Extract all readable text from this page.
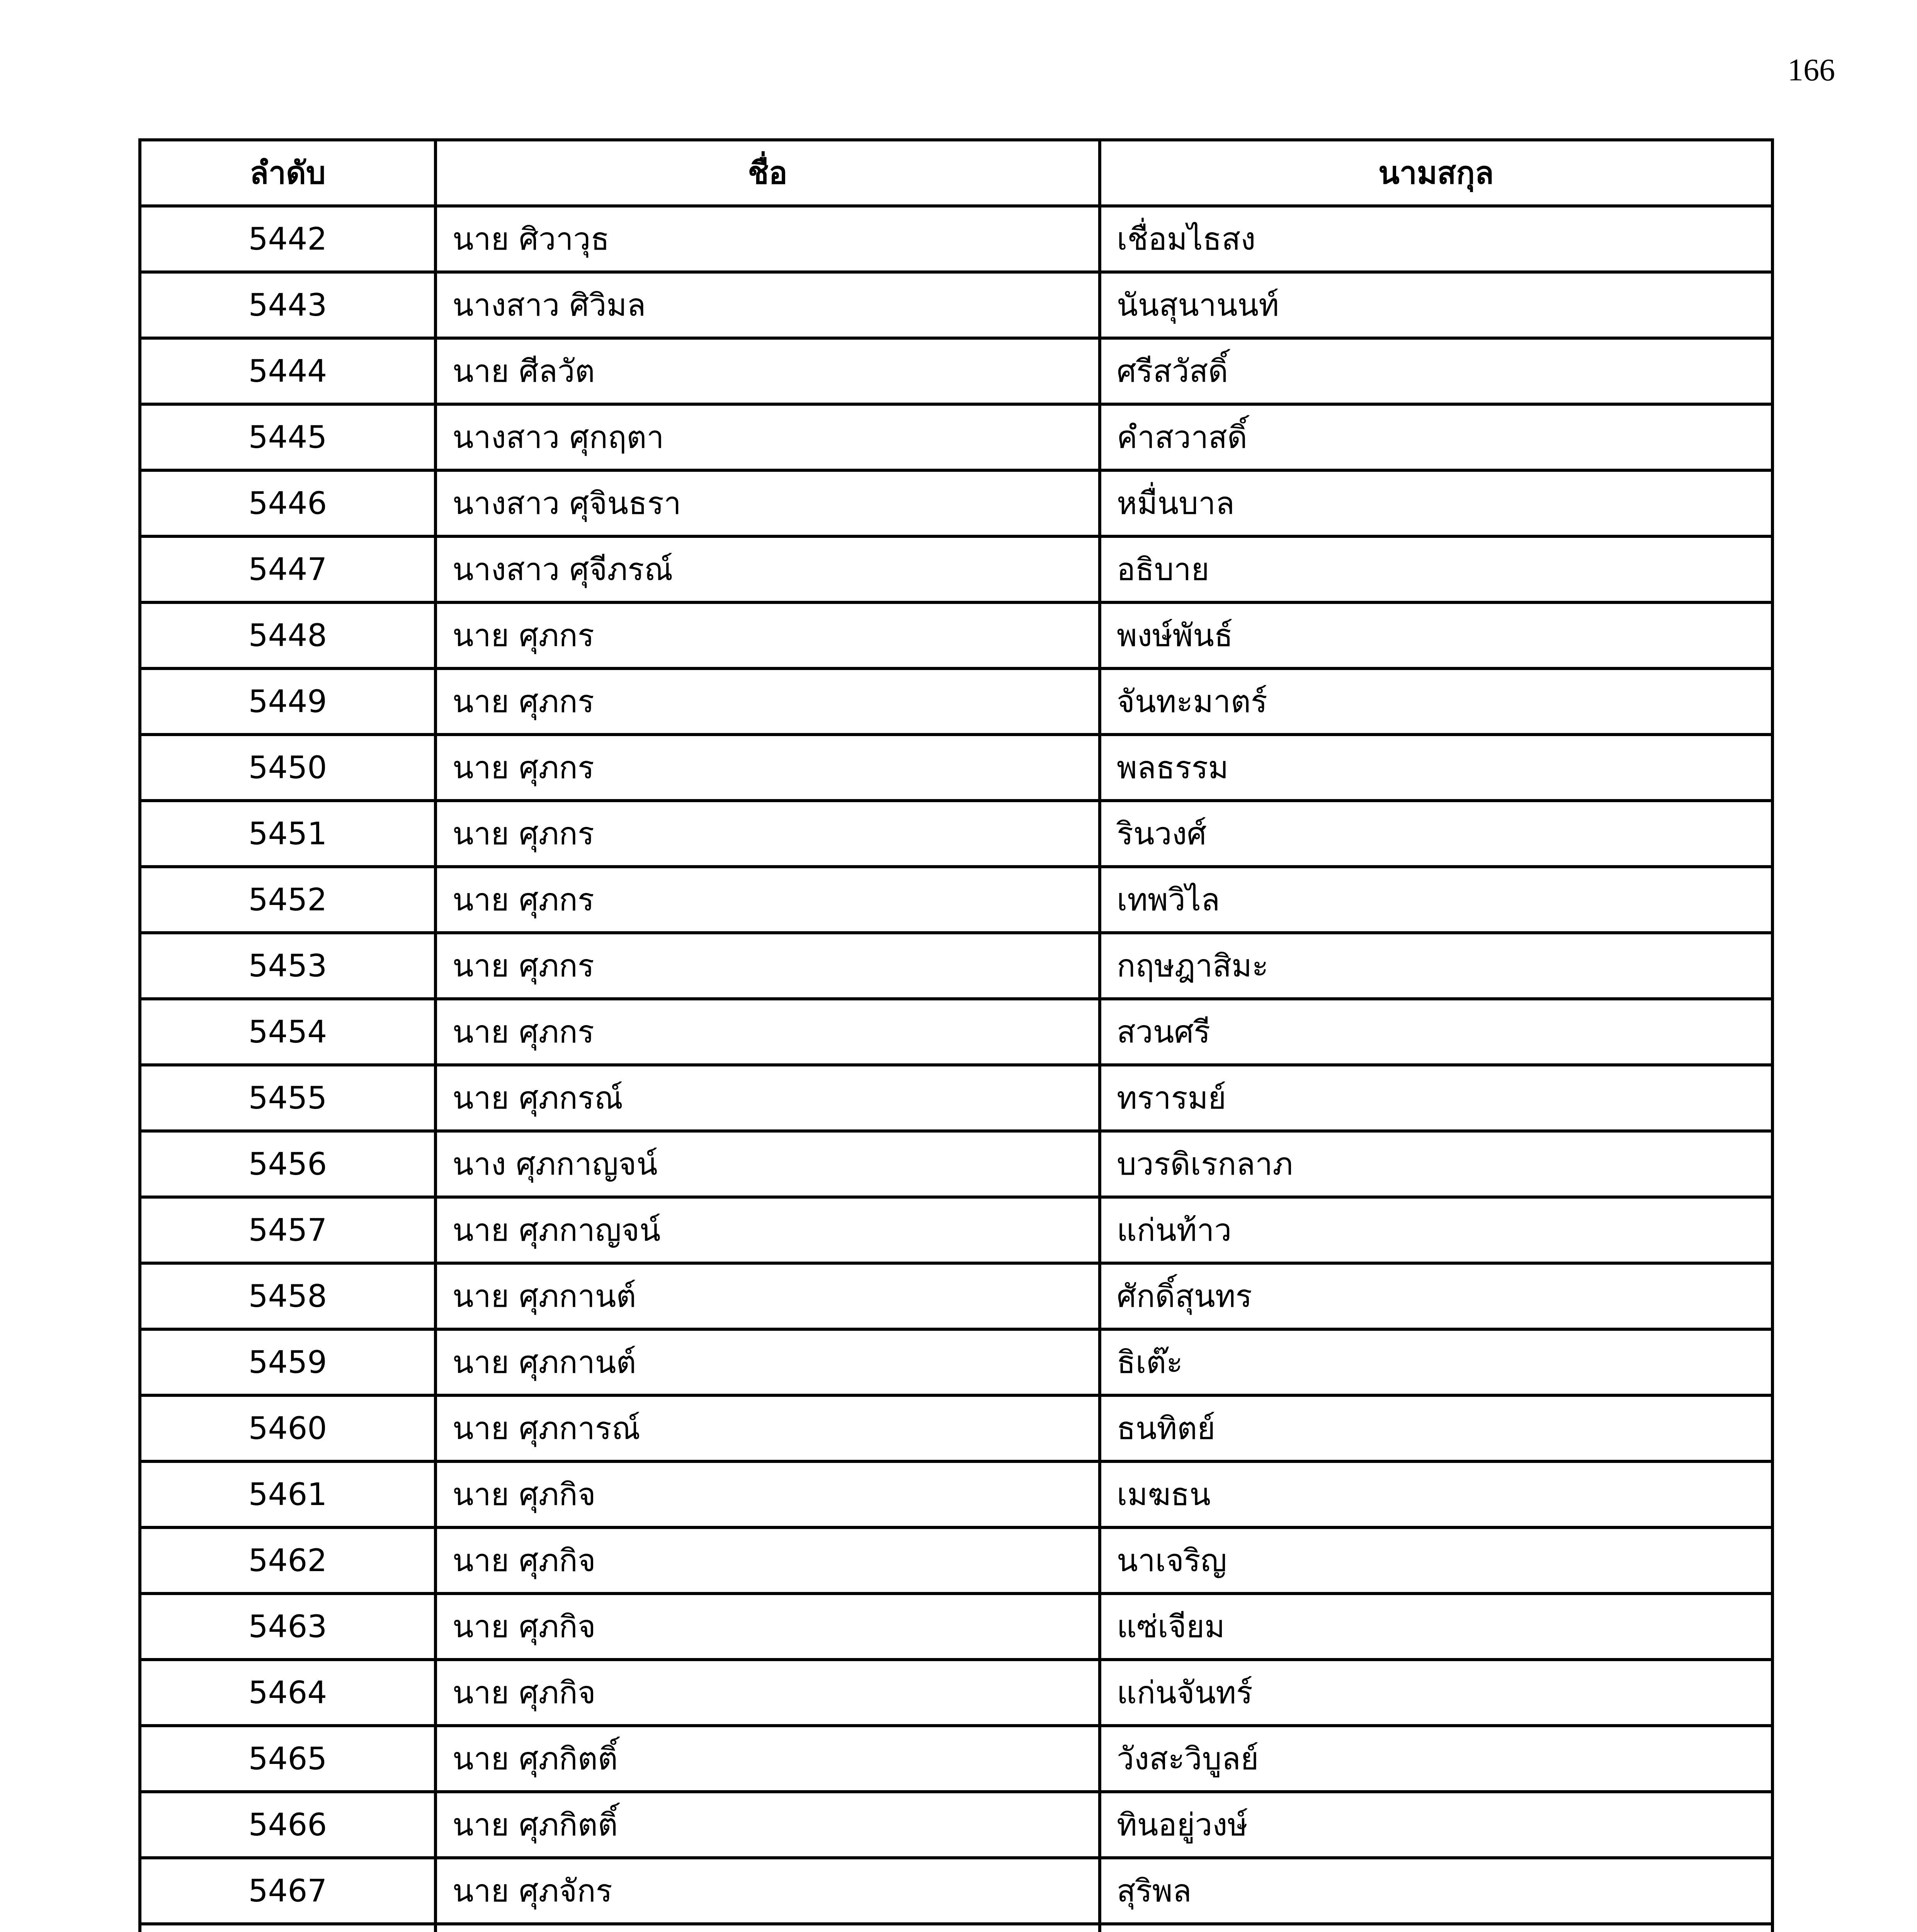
166
ลำดับ	ชื่อ	นามสกุล
5442	นาย ศิวาวุธ	เชื่อมไธสง
5443	นางสาว ศิวิมล	นันสุนานนท์
5444	นาย ศีลวัต	ศรีสวัสดิ์
5445	นางสาว ศุกฤตา	คำสวาสดิ์
5446	นางสาว ศุจินธรา	หมื่นบาล
5447	นางสาว ศุจีภรณ์	อธิบาย
5448	นาย ศุภกร	พงษ์พันธ์
5449	นาย ศุภกร	จันทะมาตร์
5450	นาย ศุภกร	พลธรรม
5451	นาย ศุภกร	รินวงศ์
5452	นาย ศุภกร	เทพวิไล
5453	นาย ศุภกร	กฤษฎาสิมะ
5454	นาย ศุภกร	สวนศรี
5455	นาย ศุภกรณ์	ทรารมย์
5456	นาง ศุภกาญจน์	บวรดิเรกลาภ
5457	นาย ศุภกาญจน์	แก่นท้าว
5458	นาย ศุภกานต์	ศักดิ์สุนทร
5459	นาย ศุภกานต์	ธิเต๊ะ
5460	นาย ศุภการณ์	ธนทิตย์
5461	นาย ศุภกิจ	เมฆธน
5462	นาย ศุภกิจ	นาเจริญ
5463	นาย ศุภกิจ	แซ่เจียม
5464	นาย ศุภกิจ	แก่นจันทร์
5465	นาย ศุภกิตติ์	วังสะวิบูลย์
5466	นาย ศุภกิตติ์	ทินอยู่วงษ์
5467	นาย ศุภจักร	สุริพล
